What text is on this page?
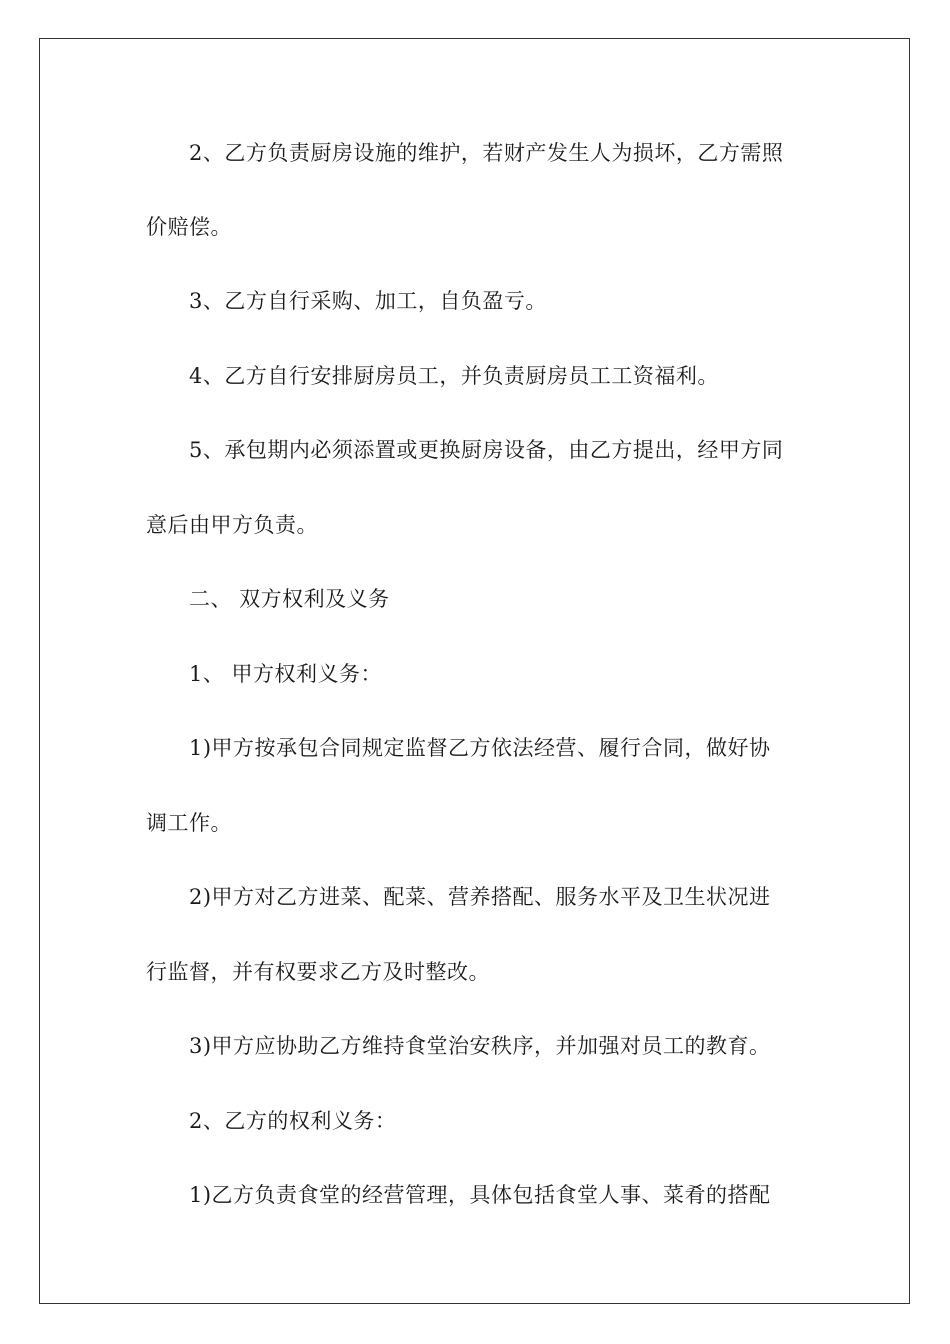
2、乙方负责厨房设施的维护，若财产发生人为损坏，乙方需照
价赔偿。
3、乙方自行采购、加工，自负盈亏。
4、乙方自行安排厨房员工，并负责厨房员工工资福利。
5、承包期内必须添置或更换厨房设备，由乙方提出，经甲方同
意后由甲方负责。
二、 双方权利及义务
1、 甲方权利义务：
1)甲方按承包合同规定监督乙方依法经营、履行合同，做好协
调工作。
2)甲方对乙方进菜、配菜、营养搭配、服务水平及卫生状况进
行监督，并有权要求乙方及时整改。
3)甲方应协助乙方维持食堂治安秩序，并加强对员工的教育。
2、乙方的权利义务：
1)乙方负责食堂的经营管理，具体包括食堂人事、菜肴的搭配
